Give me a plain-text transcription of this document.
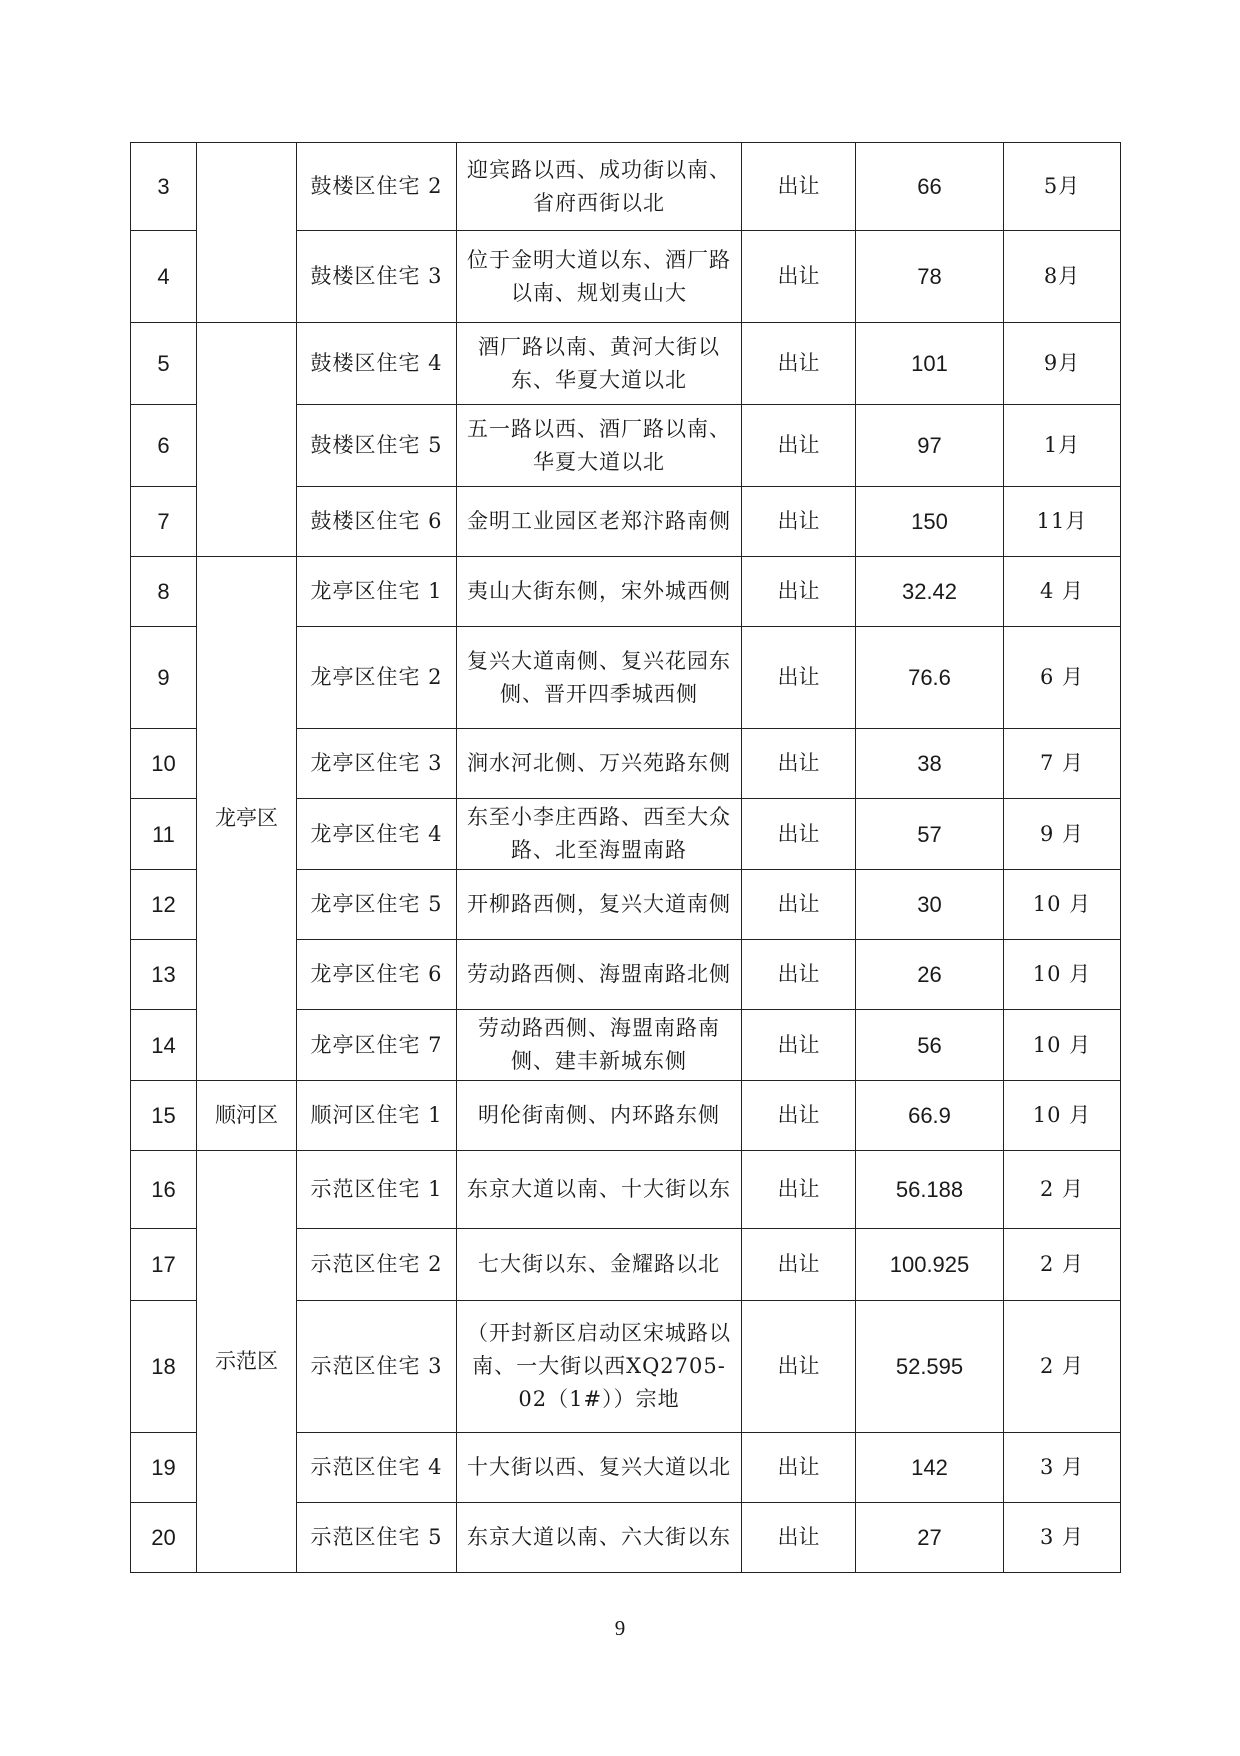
3		鼓楼区住宅 2	迎宾路以西、成功街以南、省府西街以北	出让	66	5月
4		鼓楼区住宅 3	位于金明大道以东、酒厂路以南、规划夷山大	出让	78	8月
5		鼓楼区住宅 4	酒厂路以南、黄河大街以东、华夏大道以北	出让	101	9月
6		鼓楼区住宅 5	五一路以西、酒厂路以南、华夏大道以北	出让	97	1月
7		鼓楼区住宅 6	金明工业园区老郑汴路南侧	出让	150	11月
8	龙亭区	龙亭区住宅 1	夷山大街东侧，宋外城西侧	出让	32.42	4 月
9		龙亭区住宅 2	复兴大道南侧、复兴花园东侧、晋开四季城西侧	出让	76.6	6 月
10		龙亭区住宅 3	涧水河北侧、万兴苑路东侧	出让	38	7 月
11		龙亭区住宅 4	东至小李庄西路、西至大众路、北至海盟南路	出让	57	9 月
12		龙亭区住宅 5	开柳路西侧，复兴大道南侧	出让	30	10 月
13		龙亭区住宅 6	劳动路西侧、海盟南路北侧	出让	26	10 月
14		龙亭区住宅 7	劳动路西侧、海盟南路南侧、建丰新城东侧	出让	56	10 月
15	顺河区	顺河区住宅 1	明伦街南侧、内环路东侧	出让	66.9	10 月
16	示范区	示范区住宅 1	东京大道以南、十大街以东	出让	56.188	2 月
17		示范区住宅 2	七大街以东、金耀路以北	出让	100.925	2 月
18		示范区住宅 3	（开封新区启动区宋城路以南、一大街以西XQ2705-02（1#））宗地	出让	52.595	2 月
19		示范区住宅 4	十大街以西、复兴大道以北	出让	142	3 月
20		示范区住宅 5	东京大道以南、六大街以东	出让	27	3 月
9
